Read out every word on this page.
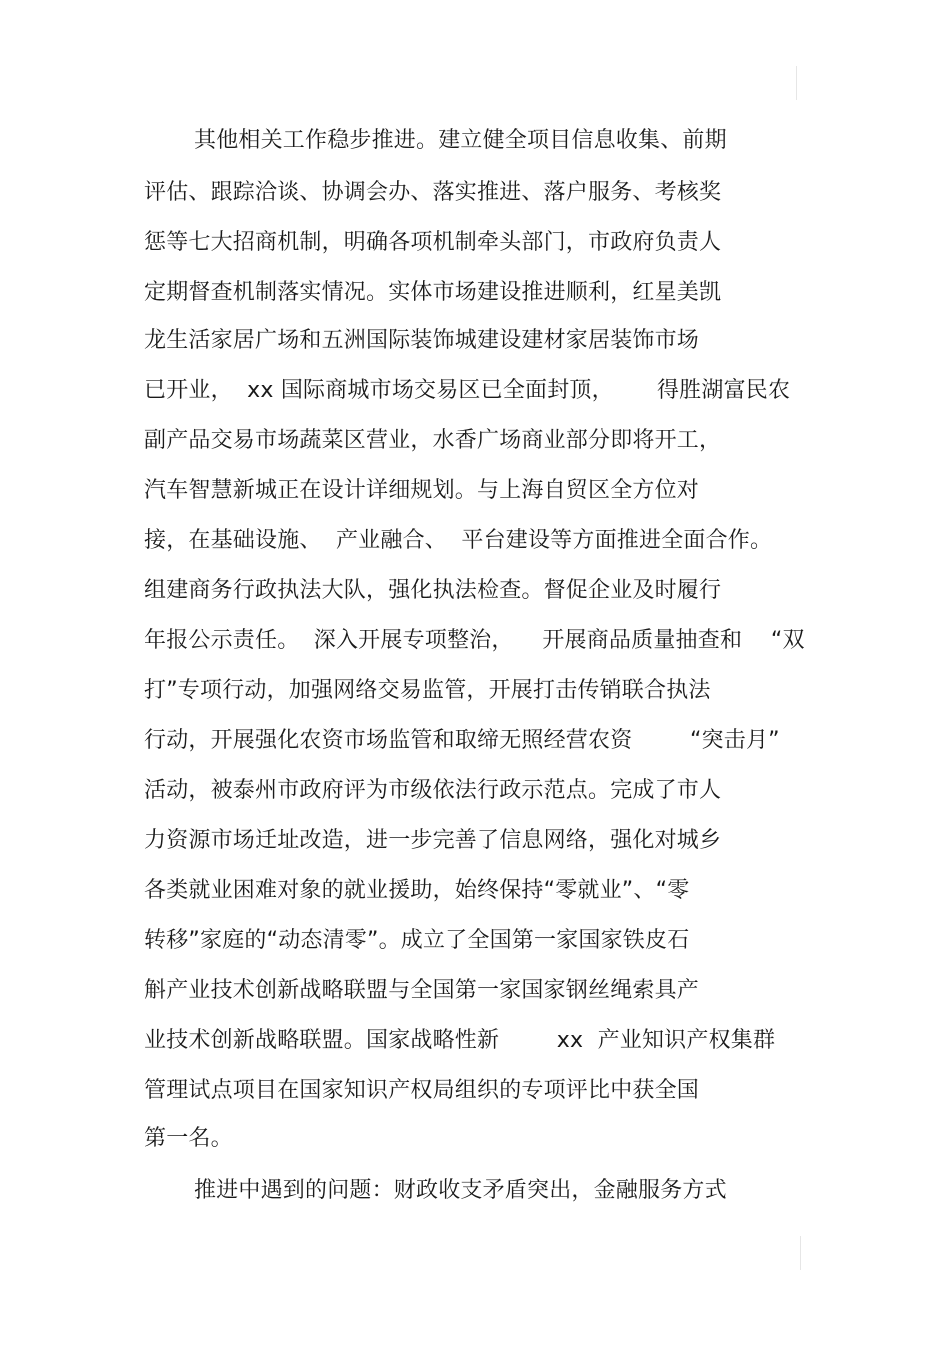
其他相关工作稳步推进。建立健全项目信息收集、前期
评估、跟踪洽谈、协调会办、落实推进、落户服务、考核奖
惩等七大招商机制，明确各项机制牵头部门，市政府负责人
定期督查机制落实情况。实体市场建设推进顺利，红星美凯
龙生活家居广场和五洲国际装饰城建设建材家居装饰市场
已开业，  xx 国际商城市场交易区已全面封顶，      得胜湖富民农
副产品交易市场蔬菜区营业，水香广场商业部分即将开工，
汽车智慧新城正在设计详细规划。与上海自贸区全方位对
接，在基础设施、  产业融合、  平台建设等方面推进全面合作。
组建商务行政执法大队，强化执法检查。督促企业及时履行
年报公示责任。  深入开展专项整治，    开展商品质量抽查和    “双
打”专项行动，加强网络交易监管，开展打击传销联合执法
行动，开展强化农资市场监管和取缔无照经营农资        “突击月”
活动，被泰州市政府评为市级依法行政示范点。完成了市人
力资源市场迁址改造，进一步完善了信息网络，强化对城乡
各类就业困难对象的就业援助，始终保持“零就业”、“零
转移”家庭的“动态清零”。成立了全国第一家国家铁皮石
斛产业技术创新战略联盟与全国第一家国家钢丝绳索具产
业技术创新战略联盟。国家战略性新        xx  产业知识产权集群
管理试点项目在国家知识产权局组织的专项评比中获全国
第一名。
推进中遇到的问题：财政收支矛盾突出，金融服务方式
